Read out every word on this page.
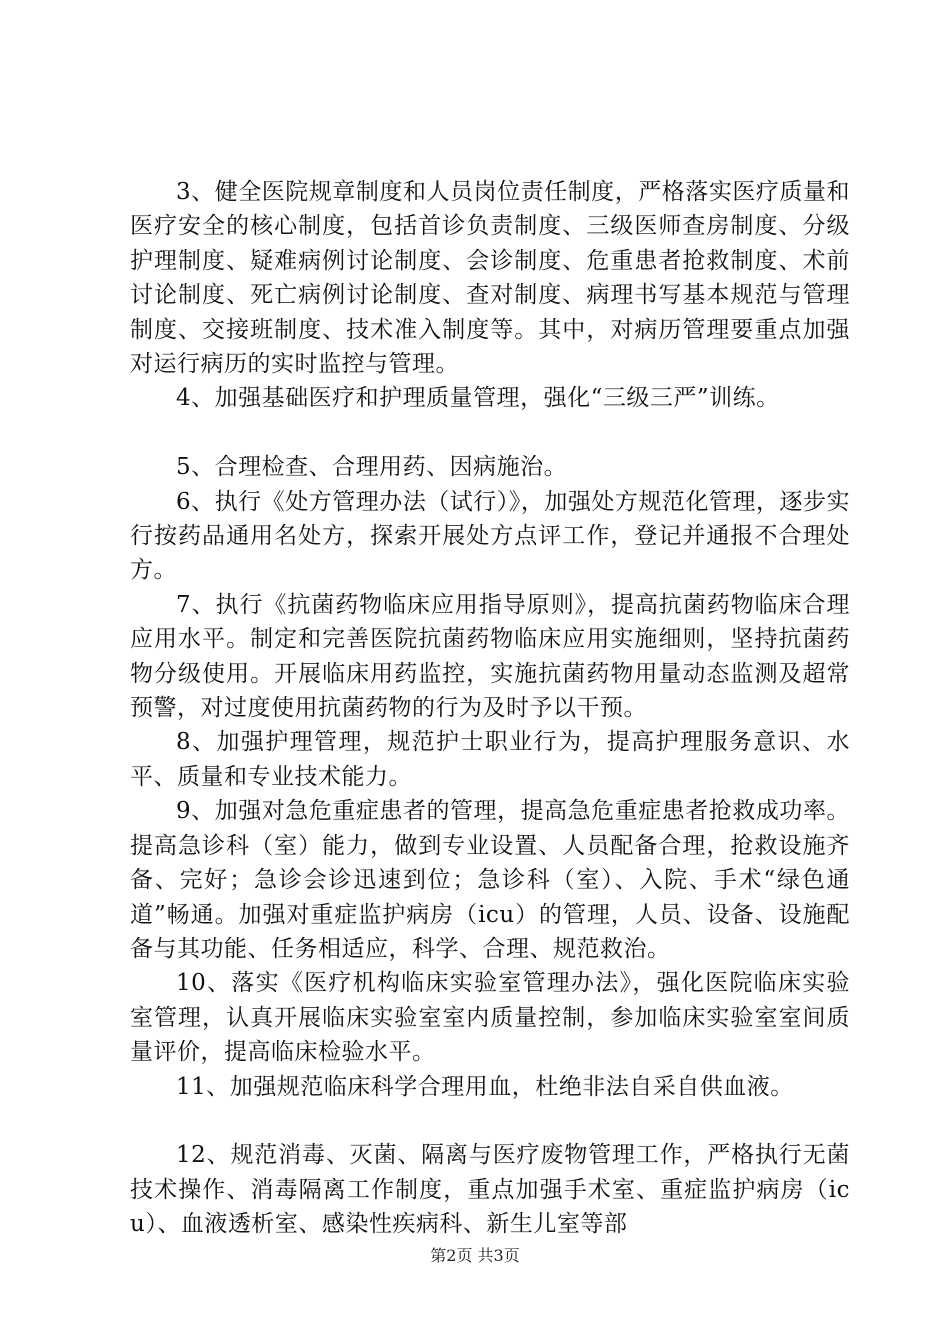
3、健全医院规章制度和人员岗位责任制度，严格落实医疗质量和医疗安全的核心制度，包括首诊负责制度、三级医师查房制度、分级护理制度、疑难病例讨论制度、会诊制度、危重患者抢救制度、术前讨论制度、死亡病例讨论制度、查对制度、病理书写基本规范与管理制度、交接班制度、技术准入制度等。其中，对病历管理要重点加强对运行病历的实时监控与管理。

4、加强基础医疗和护理质量管理，强化“三级三严”训练。

5、合理检查、合理用药、因病施治。

6、执行《处方管理办法（试行）》，加强处方规范化管理，逐步实行按药品通用名处方，探索开展处方点评工作，登记并通报不合理处方。

7、执行《抗菌药物临床应用指导原则》，提高抗菌药物临床合理应用水平。制定和完善医院抗菌药物临床应用实施细则，坚持抗菌药物分级使用。开展临床用药监控，实施抗菌药物用量动态监测及超常预警，对过度使用抗菌药物的行为及时予以干预。

8、加强护理管理，规范护士职业行为，提高护理服务意识、水平、质量和专业技术能力。

9、加强对急危重症患者的管理，提高急危重症患者抢救成功率。提高急诊科（室）能力，做到专业设置、人员配备合理，抢救设施齐备、完好；急诊会诊迅速到位；急诊科（室）、入院、手术“绿色通道”畅通。加强对重症监护病房（icu）的管理，人员、设备、设施配备与其功能、任务相适应，科学、合理、规范救治。

10、落实《医疗机构临床实验室管理办法》，强化医院临床实验室管理，认真开展临床实验室室内质量控制，参加临床实验室室间质量评价，提高临床检验水平。

11、加强规范临床科学合理用血，杜绝非法自采自供血液。

12、规范消毒、灭菌、隔离与医疗废物管理工作，严格执行无菌技术操作、消毒隔离工作制度，重点加强手术室、重症监护病房（icu）、血液透析室、感染性疾病科、新生儿室等部

第2页 共3页
